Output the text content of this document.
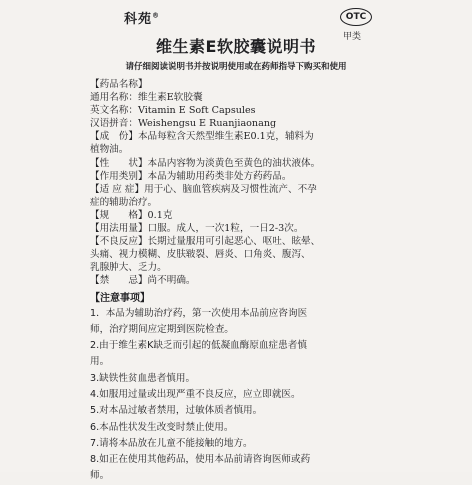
科苑®	OTC
甲类
维生素E软胶囊说明书
请仔细阅读说明书并按说明使用或在药师指导下购买和使用
【药品名称】
通用名称：维生素E软胶囊
英文名称：Vitamin E Soft Capsules
汉语拼音：Weishengsu E Ruanjiaonang
【成　份】本品每粒含天然型维生素E0.1克，辅料为
植物油。
【性　　状】本品内容物为淡黄色至黄色的油状液体。
【作用类别】本品为辅助用药类非处方药药品。
【适 应 症】用于心、脑血管疾病及习惯性流产、不孕
症的辅助治疗。
【规　　格】0.1克
【用法用量】口服。成人，一次1粒，一日2-3次。
【不良反应】长期过量服用可引起恶心、呕吐、眩晕、
头痛、视力模糊、皮肤皲裂、唇炎、口角炎、腹泻、
乳腺肿大、乏力。
【禁　　忌】尚不明确。
【注意事项】
1．本品为辅助治疗药，第一次使用本品前应咨询医
师，治疗期间应定期到医院检查。
2.由于维生素K缺乏而引起的低凝血酶原血症患者慎
用。
3.缺铁性贫血患者慎用。
4.如服用过量或出现严重不良反应，应立即就医。
5.对本品过敏者禁用，过敏体质者慎用。
6.本品性状发生改变时禁止使用。
7.请将本品放在儿童不能接触的地方。
8.如正在使用其他药品，使用本品前请咨询医师或药
师。
